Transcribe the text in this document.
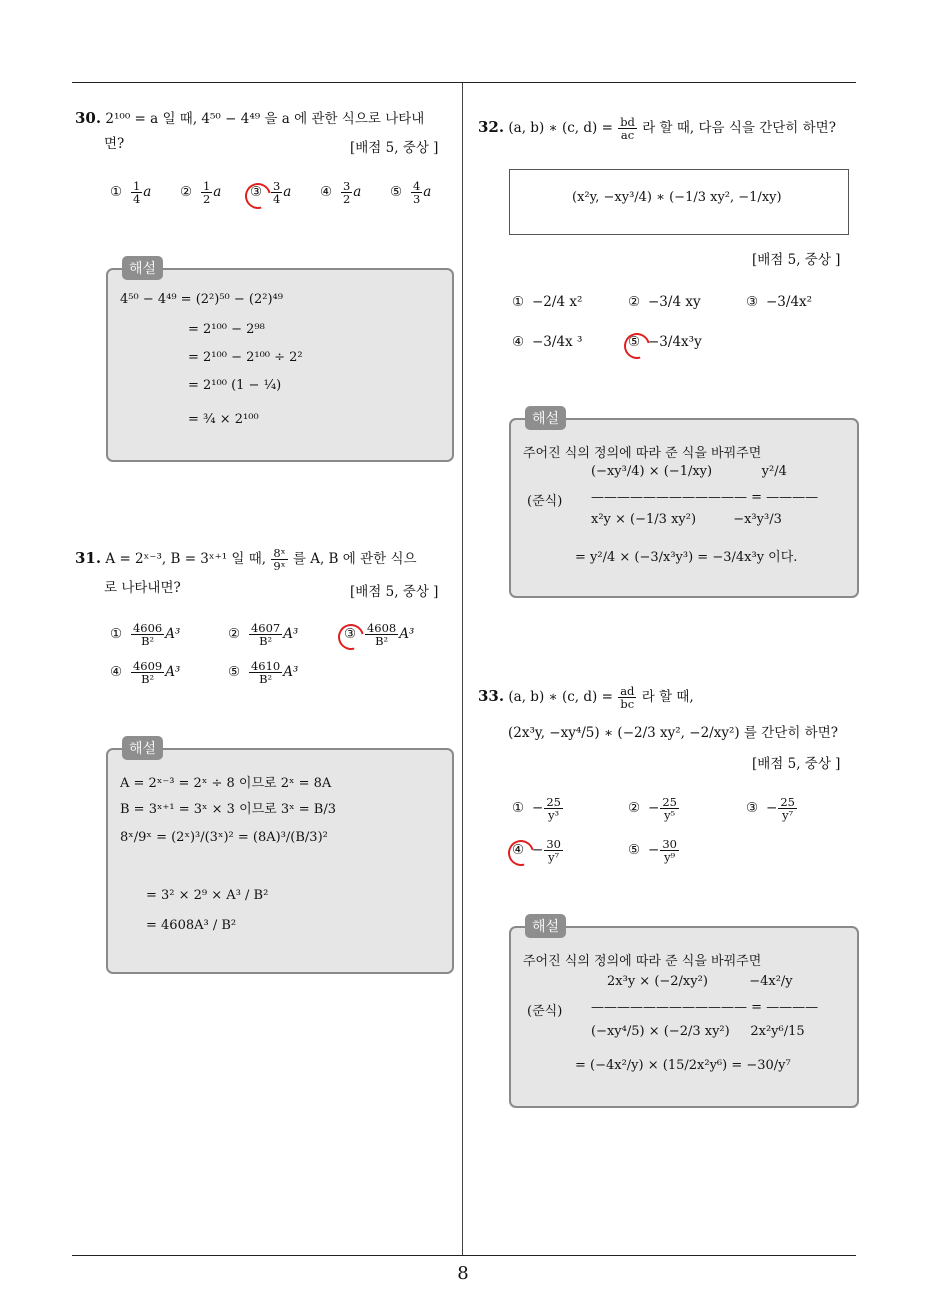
8
30. 2¹⁰⁰ = a 일 때, 4⁵⁰ − 4⁴⁹ 을 a 에 관한 식으로 나타내
면?	[배점 5, 중상 ]
① $\frac{1}{4}$ a ② $\frac{1}{2}$ a ③ $\frac{3}{4}$ a ④ $\frac{3}{2}$ a ⑤ $\frac{4}{3}$ a
해설
4⁵⁰ − 4⁴⁹ = (2²)⁵⁰ − (2²)⁴⁹
= 2¹⁰⁰ − 2⁹⁸
= 2¹⁰⁰ − 2¹⁰⁰ ÷ 2²
= 2¹⁰⁰ (1 − ¹⁄₄)
= ³⁄₄ × 2¹⁰⁰
31. A = 2ˣ⁻³, B = 3ˣ⁺¹ 일 때, $\frac{\text{8ˣ}}{\text{9ˣ}}$ 를 A, B 에 관한 식으
로 나타내면?	[배점 5, 중상 ]
① $\frac{4606}{\text{B²}} A^3$	② $\frac{4607}{\text{B²}} A^3$	③ $\frac{4608}{\text{B²}} A^3$
④ $\frac{4609}{\text{B²}} A^3$	⑤ $\frac{4610}{\text{B²}} A^3$
해설
A = 2ˣ⁻³ = 2ˣ ÷ 8 이므로 2ˣ = 8A
B = 3ˣ⁺¹ = 3ˣ × 3 이므로 3ˣ = B/3
8ˣ/9ˣ = (2ˣ)³/(3ˣ)² = (8A)³/(B/3)²
= 3² × 2⁹ × A³ / B²
= 4608A³ / B²
32. (a, b) ∗ (c, $d) = \frac{bd}{ac}$ 라 할 때, 다음 식을 간단히 하면?
(x²y, −xy³/4) ∗ (−1/3 xy², −1/xy)
[배점 5, 중상 ]
① −2/4 x²	② −3/4 xy	③ −3/4x²
④ −3/4x ³	⑤ −3/4x³y
해설
주어진 식의 정의에 따라 준 식을 바꿔주면
(준식)
(−xy³/4) × (−1/xy)            y²/4
———————————— = ————
x²y × (−1/3 xy²)         −x³y³/3
= y²/4 × (−3/x³y³) = −3/4x³y 이다.
33. (a, b) ∗ (c, $d) = \frac{ad}{bc}$ 라 할 때,
(2x³y, −xy⁴/5) ∗ (−2/3 xy², −2/xy²) 를 간단히 하면?
[배점 5, 중상 ]
① − $\frac{25}{\text{y³}}$	② − $\frac{25}{\text{y⁵}}$	③ − $\frac{25}{\text{y⁷}}$
④ − $\frac{30}{\text{y⁷}}$	⑤ − $\frac{30}{\text{y⁹}}$
해설
주어진 식의 정의에 따라 준 식을 바꿔주면
(준식)
2x³y × (−2/xy²)          −4x²/y
———————————— = ————
(−xy⁴/5) × (−2/3 xy²)     2x²y⁶/15
= (−4x²/y) × (15/2x²y⁶) = −30/y⁷
